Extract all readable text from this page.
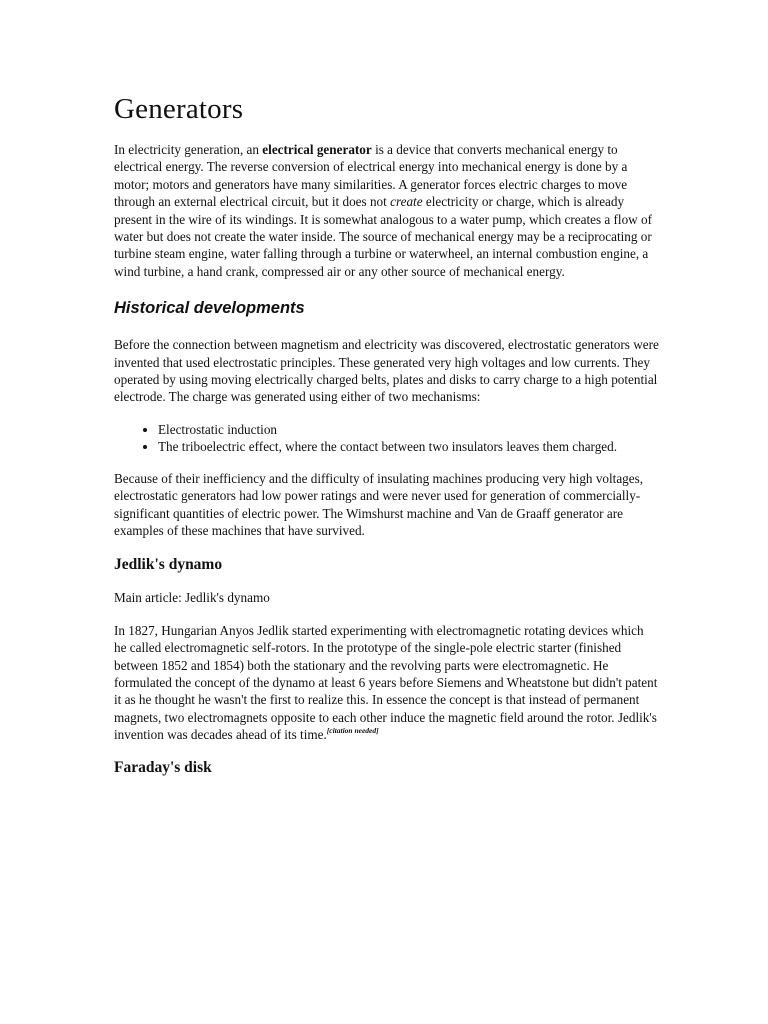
Generators

In electricity generation, an electrical generator is a device that converts mechanical energy to electrical energy. The reverse conversion of electrical energy into mechanical energy is done by a motor; motors and generators have many similarities. A generator forces electric charges to move through an external electrical circuit, but it does not create electricity or charge, which is already present in the wire of its windings. It is somewhat analogous to a water pump, which creates a flow of water but does not create the water inside. The source of mechanical energy may be a reciprocating or turbine steam engine, water falling through a turbine or waterwheel, an internal combustion engine, a wind turbine, a hand crank, compressed air or any other source of mechanical energy.

Historical developments

Before the connection between magnetism and electricity was discovered, electrostatic generators were invented that used electrostatic principles. These generated very high voltages and low currents. They operated by using moving electrically charged belts, plates and disks to carry charge to a high potential electrode. The charge was generated using either of two mechanisms:

• Electrostatic induction
• The triboelectric effect, where the contact between two insulators leaves them charged.

Because of their inefficiency and the difficulty of insulating machines producing very high voltages, electrostatic generators had low power ratings and were never used for generation of commercially-significant quantities of electric power. The Wimshurst machine and Van de Graaff generator are examples of these machines that have survived.

Jedlik's dynamo

Main article: Jedlik's dynamo

In 1827, Hungarian Anyos Jedlik started experimenting with electromagnetic rotating devices which he called electromagnetic self-rotors. In the prototype of the single-pole electric starter (finished between 1852 and 1854) both the stationary and the revolving parts were electromagnetic. He formulated the concept of the dynamo at least 6 years before Siemens and Wheatstone but didn't patent it as he thought he wasn't the first to realize this. In essence the concept is that instead of permanent magnets, two electromagnets opposite to each other induce the magnetic field around the rotor. Jedlik's invention was decades ahead of its time.[citation needed]

Faraday's disk
